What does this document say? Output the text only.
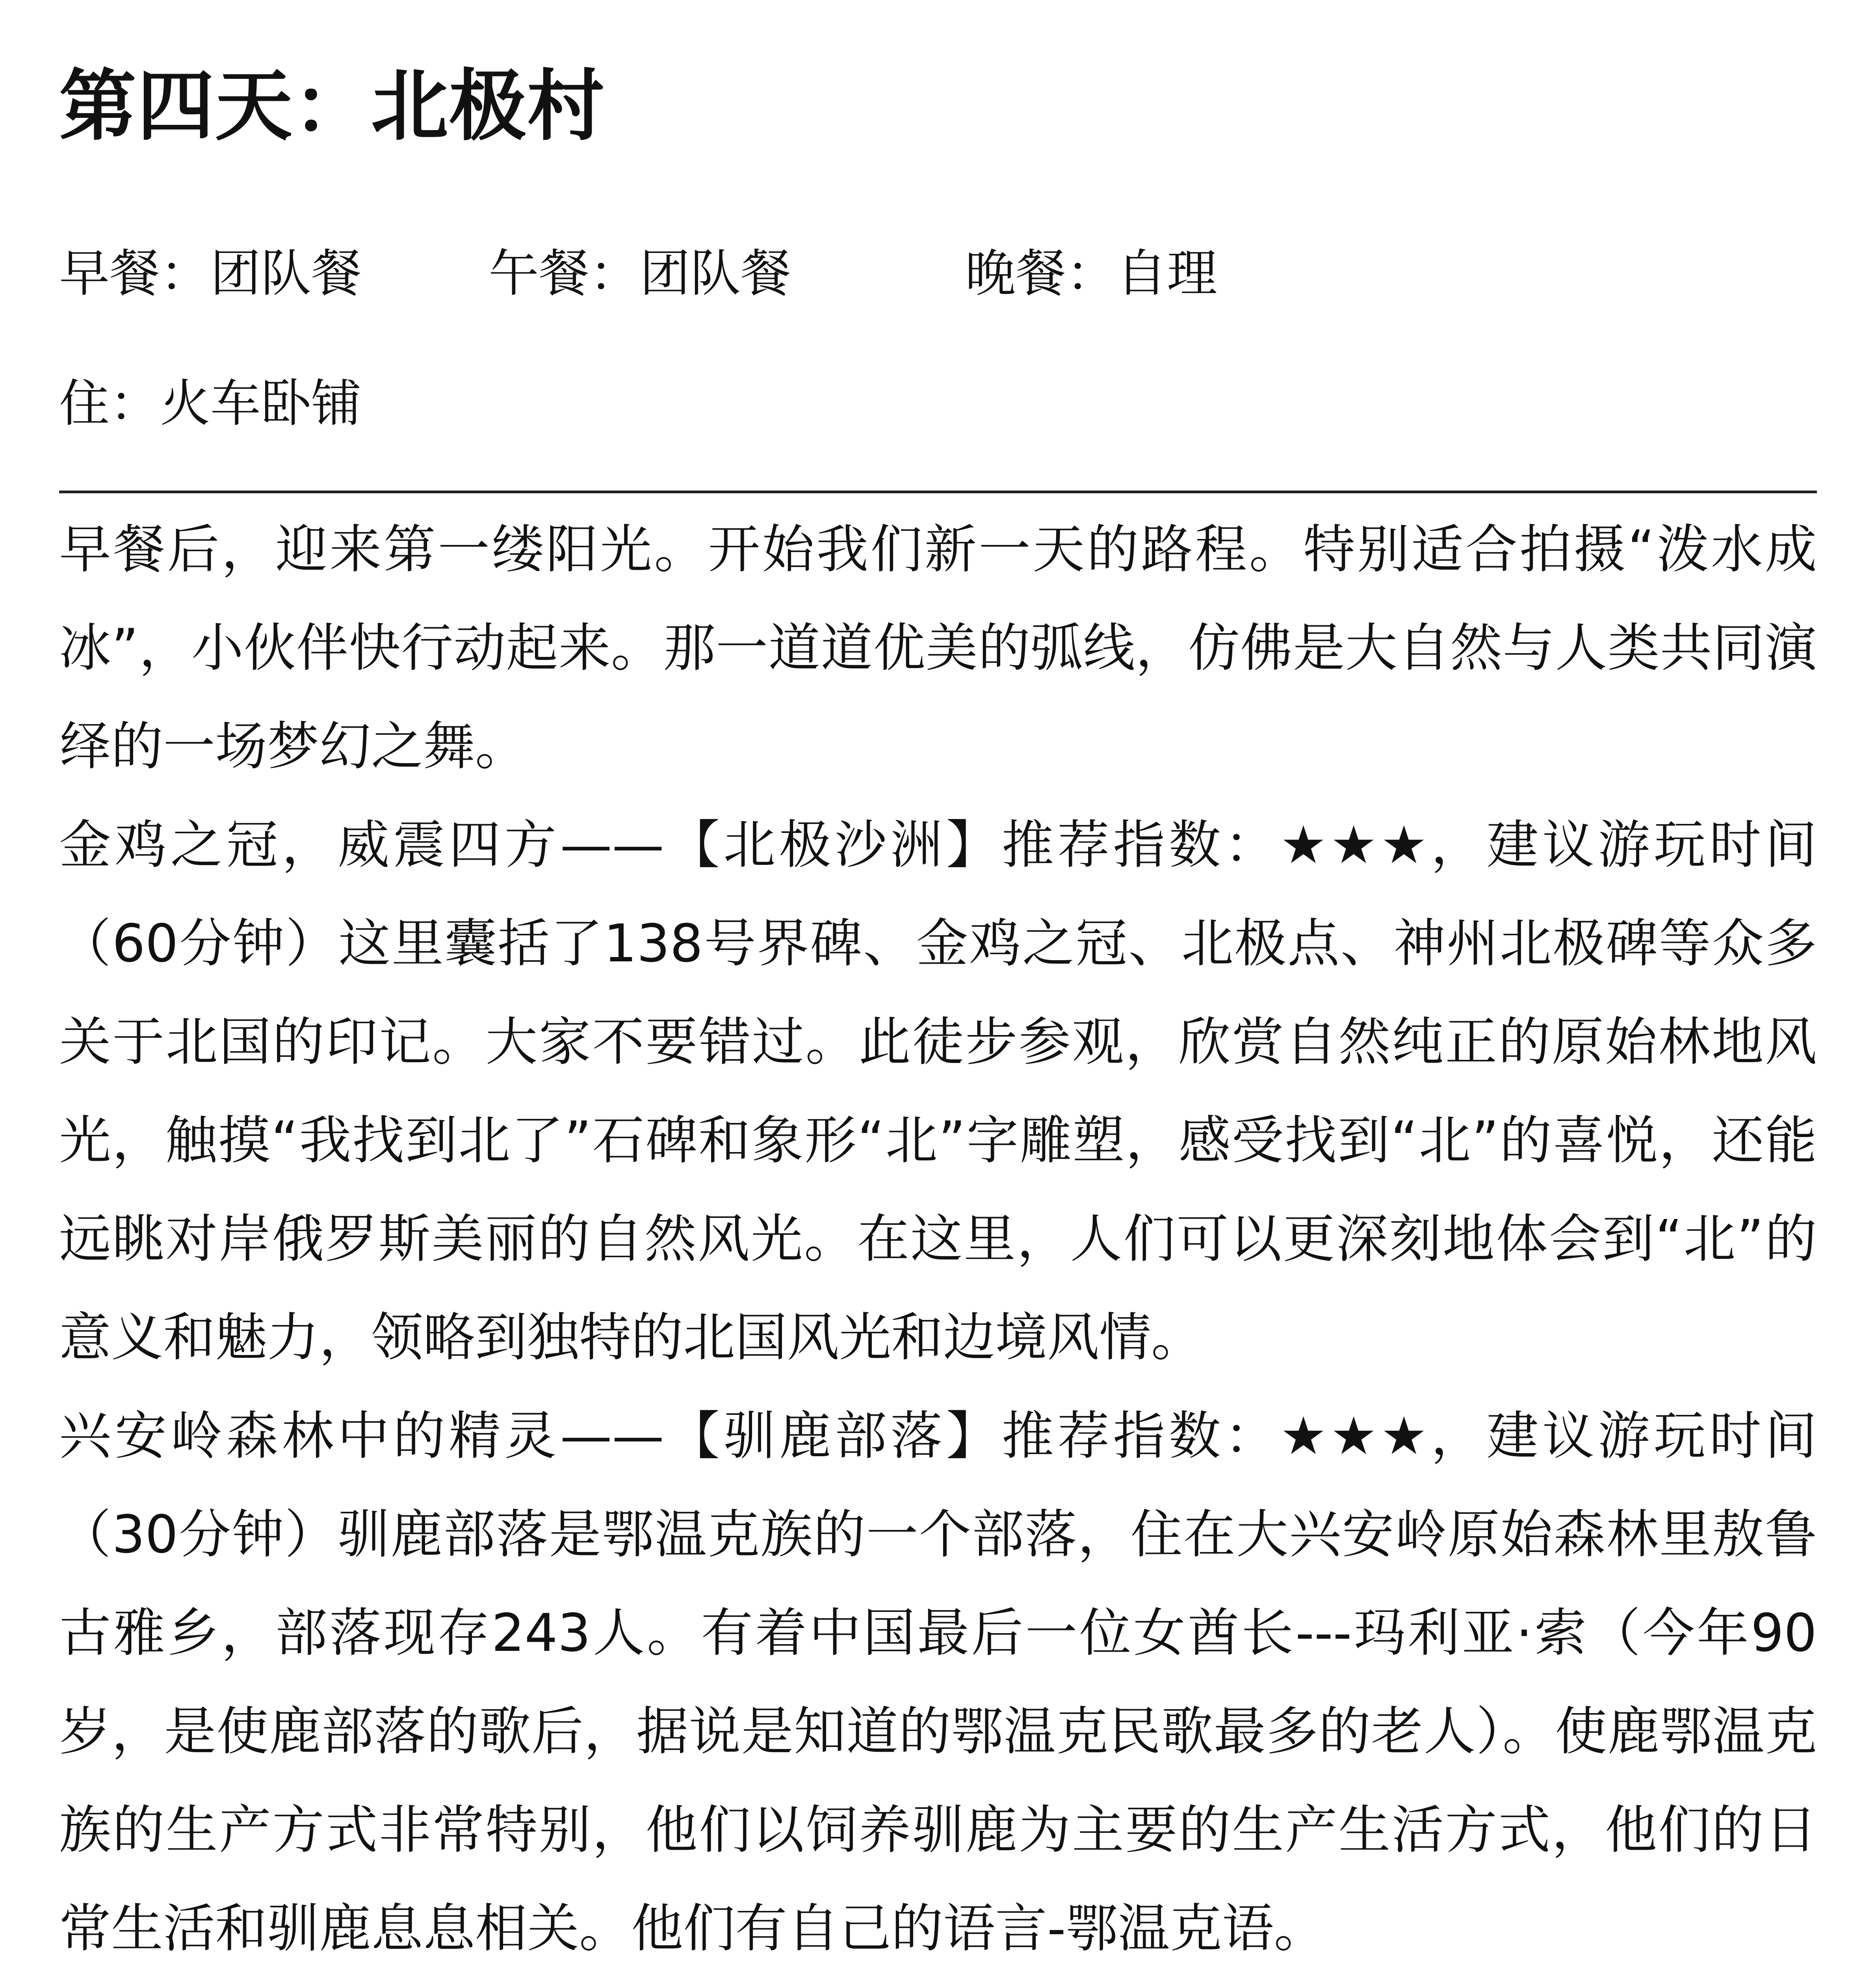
第四天：北极村
早餐：团队餐	午餐：团队餐	晚餐：自理
住：火车卧铺

早餐后，迎来第一缕阳光。开始我们新一天的路程。特别适合拍摄“泼水成冰”，小伙伴快行动起来。那一道道优美的弧线，仿佛是大自然与人类共同演绎的一场梦幻之舞。

金鸡之冠，威震四方——【北极沙洲】推荐指数：★★★，建议游玩时间（60分钟）这里囊括了138号界碑、金鸡之冠、北极点、神州北极碑等众多关于北国的印记。大家不要错过。此徒步参观，欣赏自然纯正的原始林地风光，触摸“我找到北了”石碑和象形“北”字雕塑，感受找到“北”的喜悦，还能远眺对岸俄罗斯美丽的自然风光。在这里，人们可以更深刻地体会到“北”的意义和魅力，领略到独特的北国风光和边境风情。

兴安岭森林中的精灵——【驯鹿部落】推荐指数：★★★，建议游玩时间（30分钟）驯鹿部落是鄂温克族的一个部落，住在大兴安岭原始森林里敖鲁古雅乡，部落现存243人。有着中国最后一位女酋长---玛利亚·索（今年90岁，是使鹿部落的歌后，据说是知道的鄂温克民歌最多的老人）。使鹿鄂温克族的生产方式非常特别，他们以饲养驯鹿为主要的生产生活方式，他们的日常生活和驯鹿息息相关。他们有自己的语言-鄂温克语。
